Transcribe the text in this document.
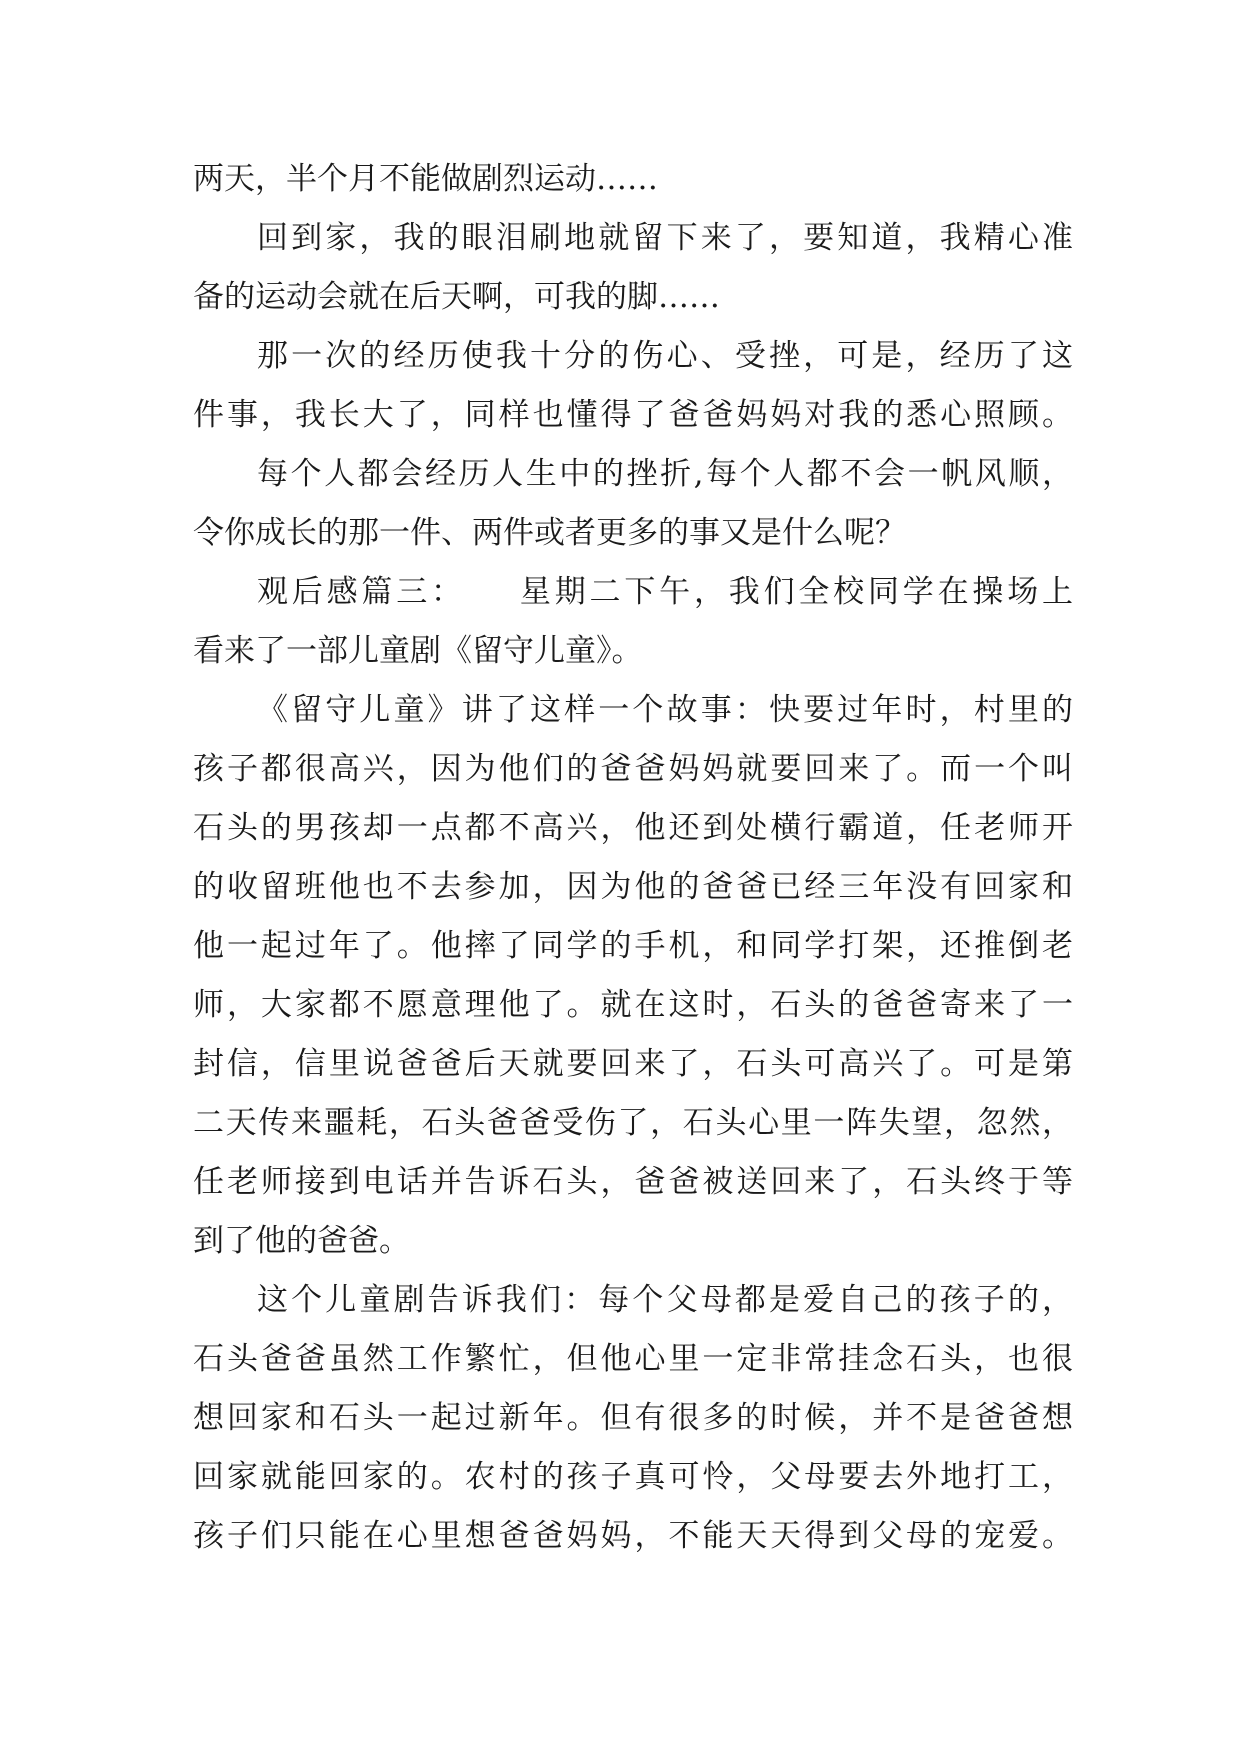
两天，半个月不能做剧烈运动……
回到家，我的眼泪刷地就留下来了，要知道，我精心准
备的运动会就在后天啊，可我的脚……
那一次的经历使我十分的伤心、受挫，可是，经历了这
件事，我长大了，同样也懂得了爸爸妈妈对我的悉心照顾。
每个人都会经历人生中的挫折,每个人都不会一帆风顺，
令你成长的那一件、两件或者更多的事又是什么呢？
观后感篇三：　　星期二下午，我们全校同学在操场上
看来了一部儿童剧《留守儿童》。
《留守儿童》讲了这样一个故事：快要过年时，村里的
孩子都很高兴，因为他们的爸爸妈妈就要回来了。而一个叫
石头的男孩却一点都不高兴，他还到处横行霸道，任老师开
的收留班他也不去参加，因为他的爸爸已经三年没有回家和
他一起过年了。他摔了同学的手机，和同学打架，还推倒老
师，大家都不愿意理他了。就在这时，石头的爸爸寄来了一
封信，信里说爸爸后天就要回来了，石头可高兴了。可是第
二天传来噩耗，石头爸爸受伤了，石头心里一阵失望，忽然，
任老师接到电话并告诉石头，爸爸被送回来了，石头终于等
到了他的爸爸。
这个儿童剧告诉我们：每个父母都是爱自己的孩子的，
石头爸爸虽然工作繁忙，但他心里一定非常挂念石头，也很
想回家和石头一起过新年。但有很多的时候，并不是爸爸想
回家就能回家的。农村的孩子真可怜，父母要去外地打工，
孩子们只能在心里想爸爸妈妈，不能天天得到父母的宠爱。
